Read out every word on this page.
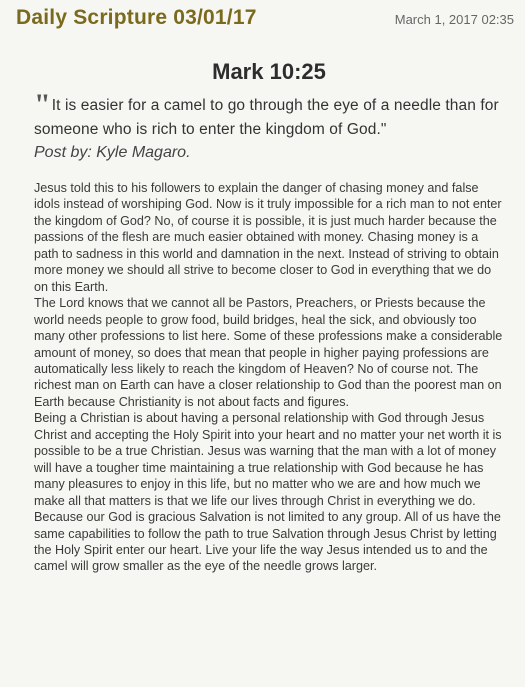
Daily Scripture 03/01/17	March 1, 2017 02:35
Mark 10:25

"It is easier for a camel to go through the eye of a needle than for someone who is rich to enter the kingdom of God."

Post by: Kyle Magaro.

Jesus told this to his followers to explain the danger of chasing money and false idols instead of worshiping God. Now is it truly impossible for a rich man to not enter the kingdom of God? No, of course it is possible, it is just much harder because the passions of the flesh are much easier obtained with money. Chasing money is a path to sadness in this world and damnation in the next. Instead of striving to obtain more money we should all strive to become closer to God in everything that we do on this Earth.

The Lord knows that we cannot all be Pastors, Preachers, or Priests because the world needs people to grow food, build bridges, heal the sick, and obviously too many other professions to list here. Some of these professions make a considerable amount of money, so does that mean that people in higher paying professions are automatically less likely to reach the kingdom of Heaven? No of course not. The richest man on Earth can have a closer relationship to God than the poorest man on Earth because Christianity is not about facts and figures.

Being a Christian is about having a personal relationship with God through Jesus Christ and accepting the Holy Spirit into your heart and no matter your net worth it is possible to be a true Christian. Jesus was warning that the man with a lot of money will have a tougher time maintaining a true relationship with God because he has many pleasures to enjoy in this life, but no matter who we are and how much we make all that matters is that we life our lives through Christ in everything we do. Because our God is gracious Salvation is not limited to any group. All of us have the same capabilities to follow the path to true Salvation through Jesus Christ by letting the Holy Spirit enter our heart. Live your life the way Jesus intended us to and the camel will grow smaller as the eye of the needle grows larger.
